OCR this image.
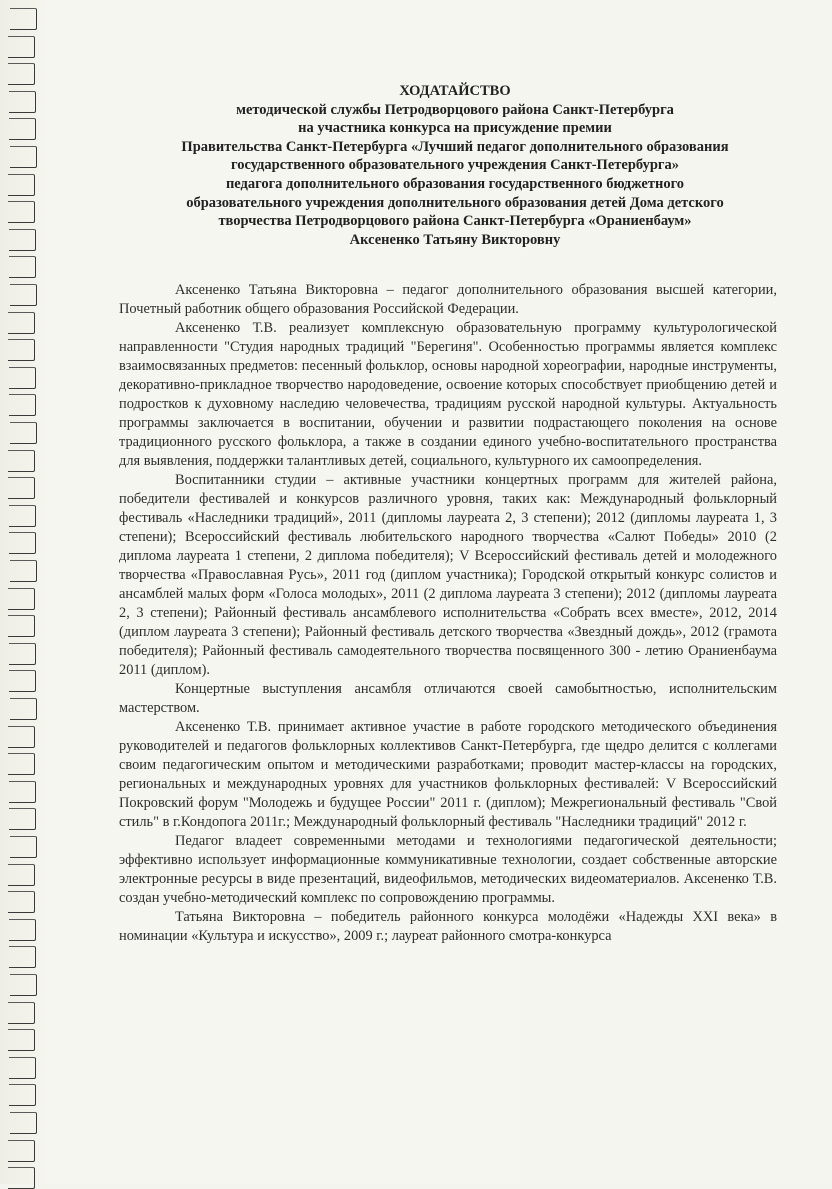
ХОДАТАЙСТВО
методической службы Петродворцового района Санкт-Петербурга
на участника конкурса на присуждение премии
Правительства Санкт-Петербурга «Лучший педагог дополнительного образования
государственного образовательного учреждения Санкт-Петербурга»
педагога дополнительного образования государственного бюджетного
образовательного учреждения дополнительного образования детей Дома детского
творчества Петродворцового района Санкт-Петербурга «Ораниенбаум»
Аксененко Татьяну Викторовну

Аксененко Татьяна Викторовна – педагог дополнительного образования высшей категории, Почетный работник общего образования Российской Федерации.

Аксененко Т.В. реализует комплексную образовательную программу культурологической направленности "Студия народных традиций "Берегиня". Особенностью программы является комплекс взаимосвязанных предметов: песенный фольклор, основы народной хореографии, народные инструменты, декоративно-прикладное творчество народоведение, освоение которых способствует приобщению детей и подростков к духовному наследию человечества, традициям русской народной культуры. Актуальность программы заключается в воспитании, обучении и развитии подрастающего поколения на основе традиционного русского фольклора, а также в создании единого учебно-воспитательного пространства для выявления, поддержки талантливых детей, социального, культурного их самоопределения.

Воспитанники студии – активные участники концертных программ для жителей района, победители фестивалей и конкурсов различного уровня, таких как: Международный фольклорный фестиваль «Наследники традиций», 2011 (дипломы лауреата 2, 3 степени); 2012 (дипломы лауреата 1, 3 степени); Всероссийский фестиваль любительского народного творчества «Салют Победы» 2010 (2 диплома лауреата 1 степени, 2 диплома победителя); V Всероссийский фестиваль детей и молодежного творчества «Православная Русь», 2011 год (диплом участника); Городской открытый конкурс солистов и ансамблей малых форм «Голоса молодых», 2011 (2 диплома лауреата 3 степени); 2012 (дипломы лауреата 2, 3 степени); Районный фестиваль ансамблевого исполнительства «Собрать всех вместе», 2012, 2014 (диплом лауреата 3 степени); Районный фестиваль детского творчества «Звездный дождь», 2012 (грамота победителя); Районный фестиваль самодеятельного творчества посвященного 300 - летию Ораниенбаума 2011 (диплом).

Концертные выступления ансамбля отличаются своей самобытностью, исполнительским мастерством.

Аксененко Т.В. принимает активное участие в работе городского методического объединения руководителей и педагогов фольклорных коллективов Санкт-Петербурга, где щедро делится с коллегами своим педагогическим опытом и методическими разработками; проводит мастер-классы на городских, региональных и международных уровнях для участников фольклорных фестивалей: V Всероссийский Покровский форум "Молодежь и будущее России" 2011 г. (диплом); Межрегиональный фестиваль "Свой стиль" в г.Кондопога 2011г.; Международный фольклорный фестиваль "Наследники традиций" 2012 г.

Педагог владеет современными методами и технологиями педагогической деятельности; эффективно использует информационные коммуникативные технологии, создает собственные авторские электронные ресурсы в виде презентаций, видеофильмов, методических видеоматериалов. Аксененко Т.В. создан учебно-методический комплекс по сопровождению программы.

Татьяна Викторовна – победитель районного конкурса молодёжи «Надежды XXI века» в номинации «Культура и искусство», 2009 г.; лауреат районного смотра-конкурса
